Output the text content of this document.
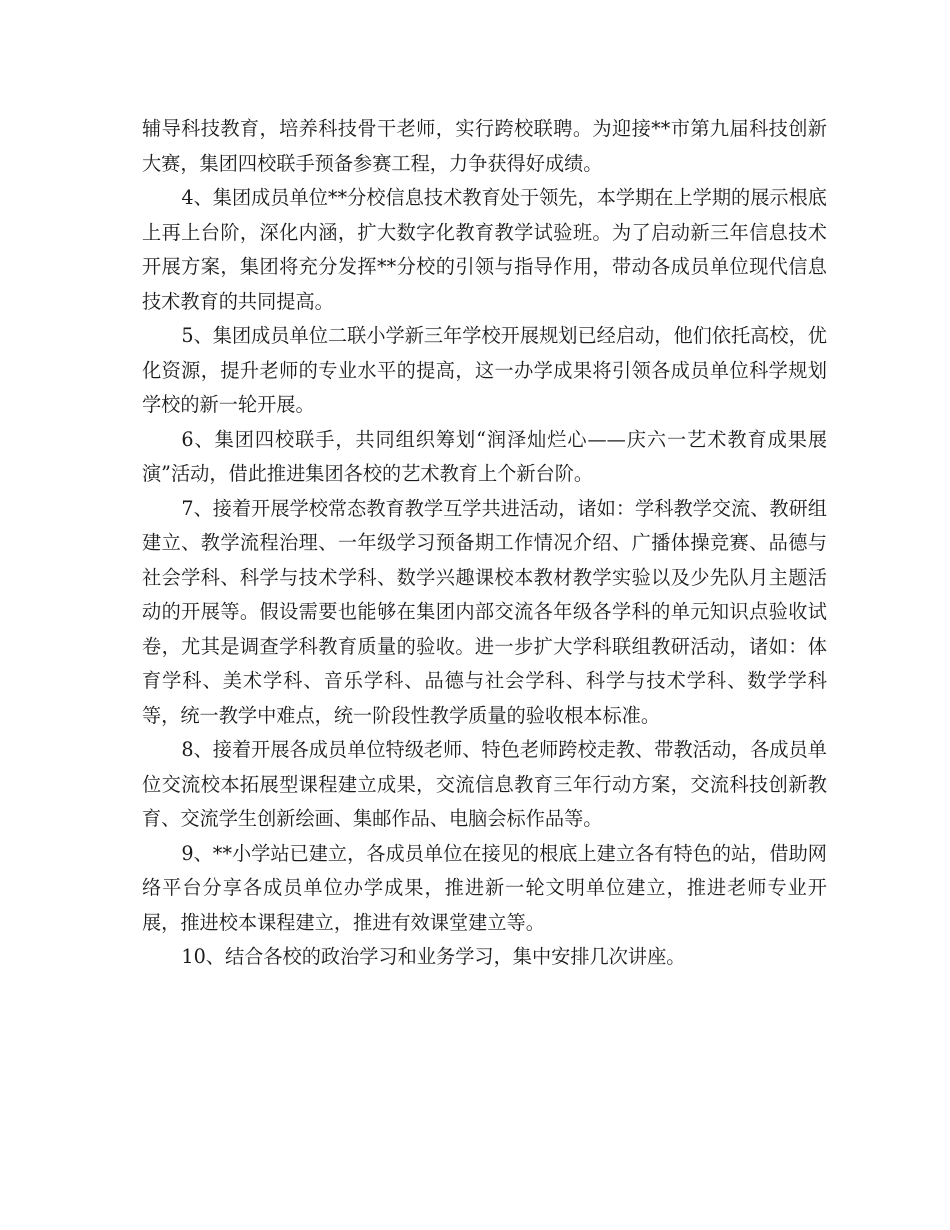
辅导科技教育，培养科技骨干老师，实行跨校联聘。为迎接**市第九届科技创新大赛，集团四校联手预备参赛工程，力争获得好成绩。

4、集团成员单位**分校信息技术教育处于领先，本学期在上学期的展示根底上再上台阶，深化内涵，扩大数字化教育教学试验班。为了启动新三年信息技术开展方案，集团将充分发挥**分校的引领与指导作用，带动各成员单位现代信息技术教育的共同提高。

5、集团成员单位二联小学新三年学校开展规划已经启动，他们依托高校，优化资源，提升老师的专业水平的提高，这一办学成果将引领各成员单位科学规划学校的新一轮开展。

6、集团四校联手，共同组织筹划“润泽灿烂心——庆六一艺术教育成果展演”活动，借此推进集团各校的艺术教育上个新台阶。

7、接着开展学校常态教育教学互学共进活动，诸如：学科教学交流、教研组建立、教学流程治理、一年级学习预备期工作情况介绍、广播体操竞赛、品德与社会学科、科学与技术学科、数学兴趣课校本教材教学实验以及少先队月主题活动的开展等。假设需要也能够在集团内部交流各年级各学科的单元知识点验收试卷，尤其是调查学科教育质量的验收。进一步扩大学科联组教研活动，诸如：体育学科、美术学科、音乐学科、品德与社会学科、科学与技术学科、数学学科等，统一教学中难点，统一阶段性教学质量的验收根本标准。

8、接着开展各成员单位特级老师、特色老师跨校走教、带教活动，各成员单位交流校本拓展型课程建立成果，交流信息教育三年行动方案，交流科技创新教育、交流学生创新绘画、集邮作品、电脑会标作品等。

9、**小学站已建立，各成员单位在接见的根底上建立各有特色的站，借助网络平台分享各成员单位办学成果，推进新一轮文明单位建立，推进老师专业开展，推进校本课程建立，推进有效课堂建立等。

10、结合各校的政治学习和业务学习，集中安排几次讲座。
